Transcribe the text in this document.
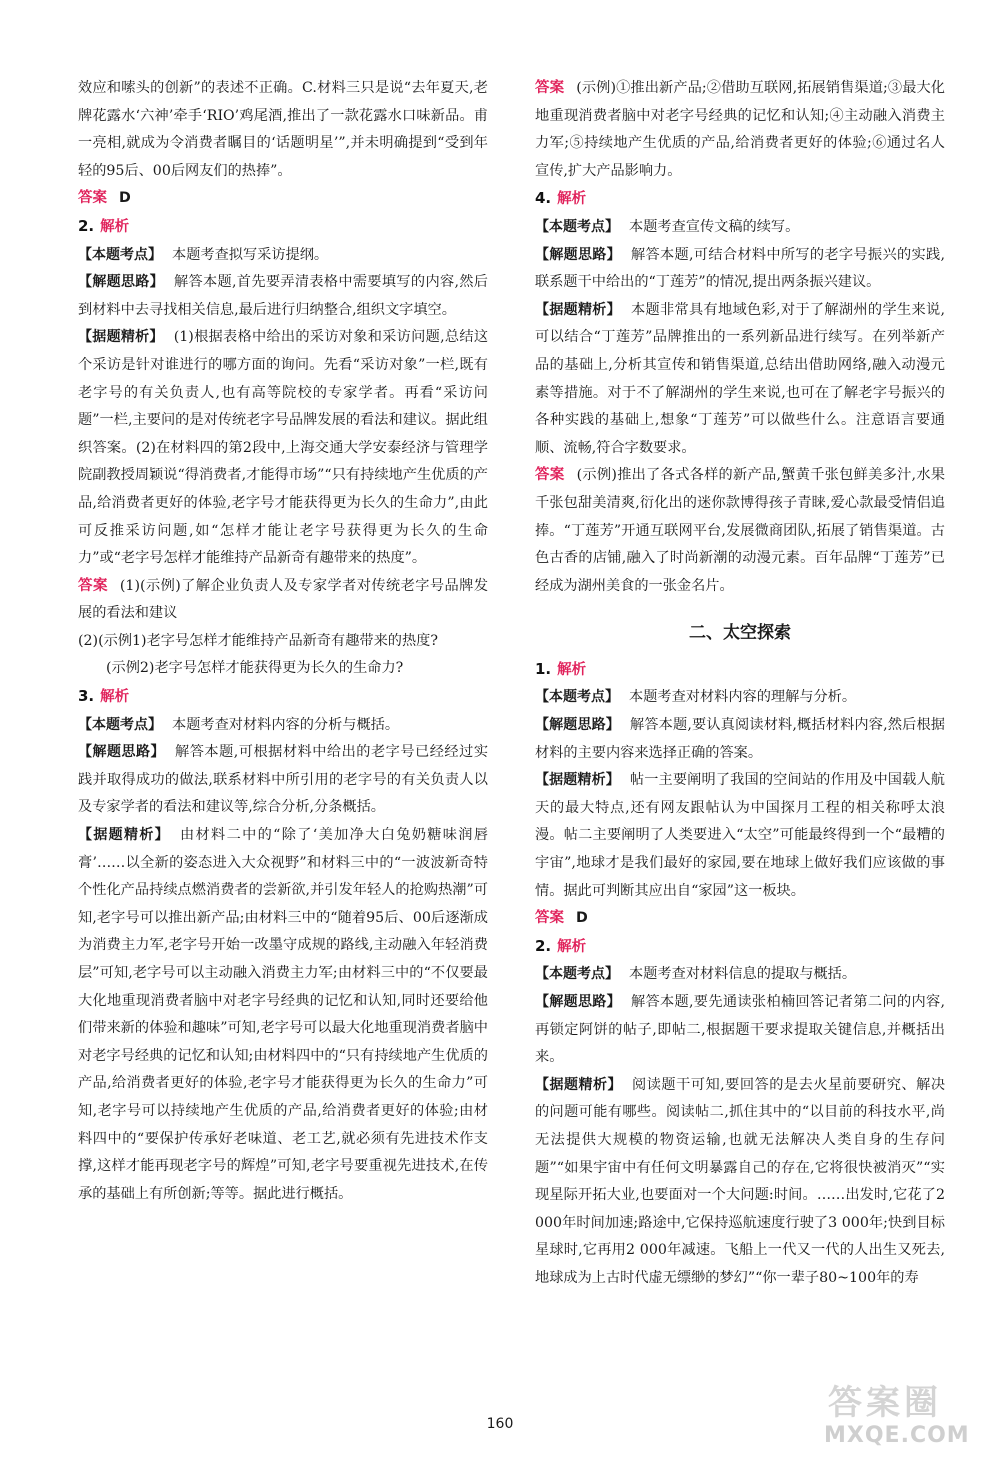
效应和嗦头的创新”的表述不正确。C.材料三只是说“去年夏天,老牌花露水‘六神’牵手‘RIO’鸡尾酒,推出了一款花露水口味新品。甫一亮相,就成为令消费者瞩目的‘话题明星’”,并未明确提到“受到年轻的95后、00后网友们的热捧”。

答案 D

2. 解析

【本题考点】 本题考查拟写采访提纲。

【解题思路】 解答本题,首先要弄清表格中需要填写的内容,然后到材料中去寻找相关信息,最后进行归纳整合,组织文字填空。

【据题精析】 (1)根据表格中给出的采访对象和采访问题,总结这个采访是针对谁进行的哪方面的询问。先看“采访对象”一栏,既有老字号的有关负责人,也有高等院校的专家学者。再看“采访问题”一栏,主要问的是对传统老字号品牌发展的看法和建议。据此组织答案。(2)在材料四的第2段中,上海交通大学安泰经济与管理学院副教授周颖说“得消费者,才能得市场”“只有持续地产生优质的产品,给消费者更好的体验,老字号才能获得更为长久的生命力”,由此可反推采访问题,如“怎样才能让老字号获得更为长久的生命力”或“老字号怎样才能维持产品新奇有趣带来的热度”。

答案 (1)(示例)了解企业负责人及专家学者对传统老字号品牌发展的看法和建议

(2)(示例1)老字号怎样才能维持产品新奇有趣带来的热度?

(示例2)老字号怎样才能获得更为长久的生命力?

3. 解析

【本题考点】 本题考查对材料内容的分析与概括。

【解题思路】 解答本题,可根据材料中给出的老字号已经经过实践并取得成功的做法,联系材料中所引用的老字号的有关负责人以及专家学者的看法和建议等,综合分析,分条概括。

【据题精析】 由材料二中的“除了‘美加净大白兔奶糖味润唇膏’……以全新的姿态进入大众视野”和材料三中的“一波波新奇特个性化产品持续点燃消费者的尝新欲,并引发年轻人的抢购热潮”可知,老字号可以推出新产品;由材料三中的“随着95后、00后逐渐成为消费主力军,老字号开始一改墨守成规的路线,主动融入年轻消费层”可知,老字号可以主动融入消费主力军;由材料三中的“不仅要最大化地重现消费者脑中对老字号经典的记忆和认知,同时还要给他们带来新的体验和趣味”可知,老字号可以最大化地重现消费者脑中对老字号经典的记忆和认知;由材料四中的“只有持续地产生优质的产品,给消费者更好的体验,老字号才能获得更为长久的生命力”可知,老字号可以持续地产生优质的产品,给消费者更好的体验;由材料四中的“要保护传承好老味道、老工艺,就必须有先进技术作支撑,这样才能再现老字号的辉煌”可知,老字号要重视先进技术,在传承的基础上有所创新;等等。据此进行概括。

答案 (示例)①推出新产品;②借助互联网,拓展销售渠道;③最大化地重现消费者脑中对老字号经典的记忆和认知;④主动融入消费主力军;⑤持续地产生优质的产品,给消费者更好的体验;⑥通过名人宣传,扩大产品影响力。

4. 解析

【本题考点】 本题考查宣传文稿的续写。

【解题思路】 解答本题,可结合材料中所写的老字号振兴的实践,联系题干中给出的“丁莲芳”的情况,提出两条振兴建议。

【据题精析】 本题非常具有地域色彩,对于了解湖州的学生来说,可以结合“丁莲芳”品牌推出的一系列新品进行续写。在列举新产品的基础上,分析其宣传和销售渠道,总结出借助网络,融入动漫元素等措施。对于不了解湖州的学生来说,也可在了解老字号振兴的各种实践的基础上,想象“丁莲芳”可以做些什么。注意语言要通顺、流畅,符合字数要求。

答案 (示例)推出了各式各样的新产品,蟹黄千张包鲜美多汁,水果千张包甜美清爽,衍化出的迷你款博得孩子青睐,爱心款最受情侣追捧。“丁莲芳”开通互联网平台,发展微商团队,拓展了销售渠道。古色古香的店铺,融入了时尚新潮的动漫元素。百年品牌“丁莲芳”已经成为湖州美食的一张金名片。

二、太空探索

1. 解析

【本题考点】 本题考查对材料内容的理解与分析。

【解题思路】 解答本题,要认真阅读材料,概括材料内容,然后根据材料的主要内容来选择正确的答案。

【据题精析】 帖一主要阐明了我国的空间站的作用及中国载人航天的最大特点,还有网友跟帖认为中国探月工程的相关称呼太浪漫。帖二主要阐明了人类要进入“太空”可能最终得到一个“最糟的宇宙”,地球才是我们最好的家园,要在地球上做好我们应该做的事情。据此可判断其应出自“家园”这一板块。

答案 D

2. 解析

【本题考点】 本题考查对材料信息的提取与概括。

【解题思路】 解答本题,要先通读张柏楠回答记者第二问的内容,再锁定阿饼的帖子,即帖二,根据题干要求提取关键信息,并概括出来。

【据题精析】 阅读题干可知,要回答的是去火星前要研究、解决的问题可能有哪些。阅读帖二,抓住其中的“以目前的科技水平,尚无法提供大规模的物资运输,也就无法解决人类自身的生存问题”“如果宇宙中有任何文明暴露自己的存在,它将很快被消灭”“实现星际开拓大业,也要面对一个大问题:时间。……出发时,它花了2 000年时间加速;路途中,它保持巡航速度行驶了3 000年;快到目标星球时,它再用2 000年减速。飞船上一代又一代的人出生又死去,地球成为上古时代虚无缥缈的梦幻”“你一辈子80~100年的寿

160
答案圈
MXQE.COM
